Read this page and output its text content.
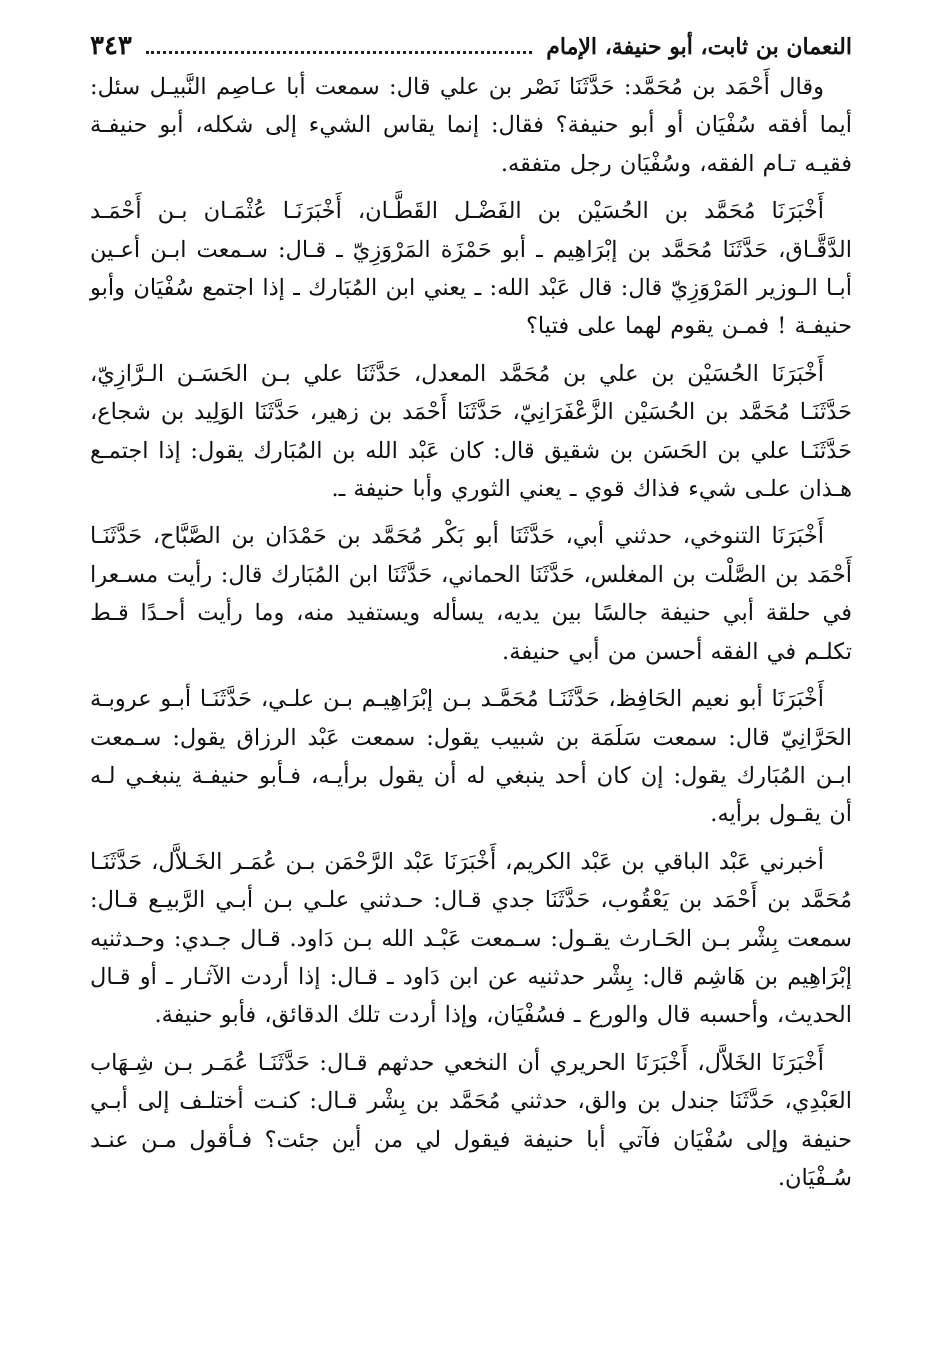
النعمان بن ثابت، أبو حنيفة، الإمام
٣٤٣

وقال أَحْمَد بن مُحَمَّد: حَدَّثَنَا نَصْر بن علي قال: سمعت أبا عـاصِم النَّبيـل سئل: أيما أفقه سُفْيَان أو أبو حنيفة؟ فقال: إنما يقاس الشيء إلى شكله، أبو حنيفـة فقيـه تـام الفقه، وسُفْيَان رجل متفقه.

أَخْبَرَنَا مُحَمَّد بن الحُسَيْن بن الفَضْـل القَطَّـان، أَخْبَرَنَـا عُثْمَـان بـن أَحْمَـد الدَّقَّـاق، حَدَّثَنَا مُحَمَّد بن إبْرَاهِيم ـ أبو حَمْزَة المَرْوَزِيّ ـ قـال: سـمعت ابـن أعـين أبـا الـوزير المَرْوَزِيّ قال: قال عَبْد الله: ـ يعني ابن المُبَارك ـ إذا اجتمع سُفْيَان وأبو حنيفـة ! فمـن يقوم لهما على فتيا؟

أَخْبَرَنَا الحُسَيْن بن علي بن مُحَمَّد المعدل، حَدَّثَنَا علي بـن الحَسَـن الـرَّازِيّ، حَدَّثَنَـا مُحَمَّد بن الحُسَيْن الزَّعْفَرَانِيّ، حَدَّثَنَا أَحْمَد بن زهير، حَدَّثَنَا الوَلِيد بن شجاع، حَدَّثَنَـا علي بن الحَسَن بن شقيق قال: كان عَبْد الله بن المُبَارك يقول: إذا اجتمـع هـذان علـى شيء فذاك قوي ـ يعني الثوري وأبا حنيفة ـ.

أَخْبَرَنَا التنوخي، حدثني أبي، حَدَّثَنَا أبو بَكْر مُحَمَّد بن حَمْدَان بن الصَّبَّاح، حَدَّثَنَـا أَحْمَد بن الصَّلْت بن المغلس، حَدَّثَنَا الحماني، حَدَّثَنَا ابن المُبَارك قال: رأيت مسـعرا في حلقة أبي حنيفة جالسًا بين يديه، يسأله ويستفيد منه، وما رأيت أحـدًا قـط تكلـم في الفقه أحسن من أبي حنيفة.

أَخْبَرَنَا أبو نعيم الحَافِظ، حَدَّثَنَـا مُحَمَّـد بـن إبْرَاهِيـم بـن علـي، حَدَّثَنَـا أبـو عروبـة الحَرَّانِيّ قال: سمعت سَلَمَة بن شبيب يقول: سمعت عَبْد الرزاق يقول: سـمعت ابـن المُبَارك يقول: إن كان أحد ينبغي له أن يقول برأيـه، فـأبو حنيفـة ينبغـي لـه أن يقـول برأيه.

أخبرني عَبْد الباقي بن عَبْد الكريم، أَخْبَرَنَا عَبْد الرَّحْمَن بـن عُمَـر الخَـلاَّل، حَدَّثَنَـا مُحَمَّد بن أَحْمَد بن يَعْقُوب، حَدَّثَنَا جدي قـال: حـدثني علـي بـن أبـي الرَّبيـع قـال: سمعت بِشْر بـن الحَـارث يقـول: سـمعت عَبْـد الله بـن دَاود. قـال جـدي: وحـدثنيه إبْرَاهِيم بن هَاشِم قال: بِشْر حدثنيه عن ابن دَاود ـ قـال: إذا أردت الآثـار ـ أو قـال الحديث، وأحسبه قال والورع ـ فسُفْيَان، وإذا أردت تلك الدقائق، فأبو حنيفة.

أَخْبَرَنَا الخَلاَّل، أَخْبَرَنَا الحريري أن النخعي حدثهم قـال: حَدَّثَنَـا عُمَـر بـن شِـهَاب العَبْدِي، حَدَّثَنَا جندل بن والق، حدثني مُحَمَّد بن بِشْر قـال: كنـت أختلـف إلى أبـي حنيفة وإلى سُفْيَان فآتي أبا حنيفة فيقول لي من أين جئت؟ فـأقول مـن عنـد سُـفْيَان.
